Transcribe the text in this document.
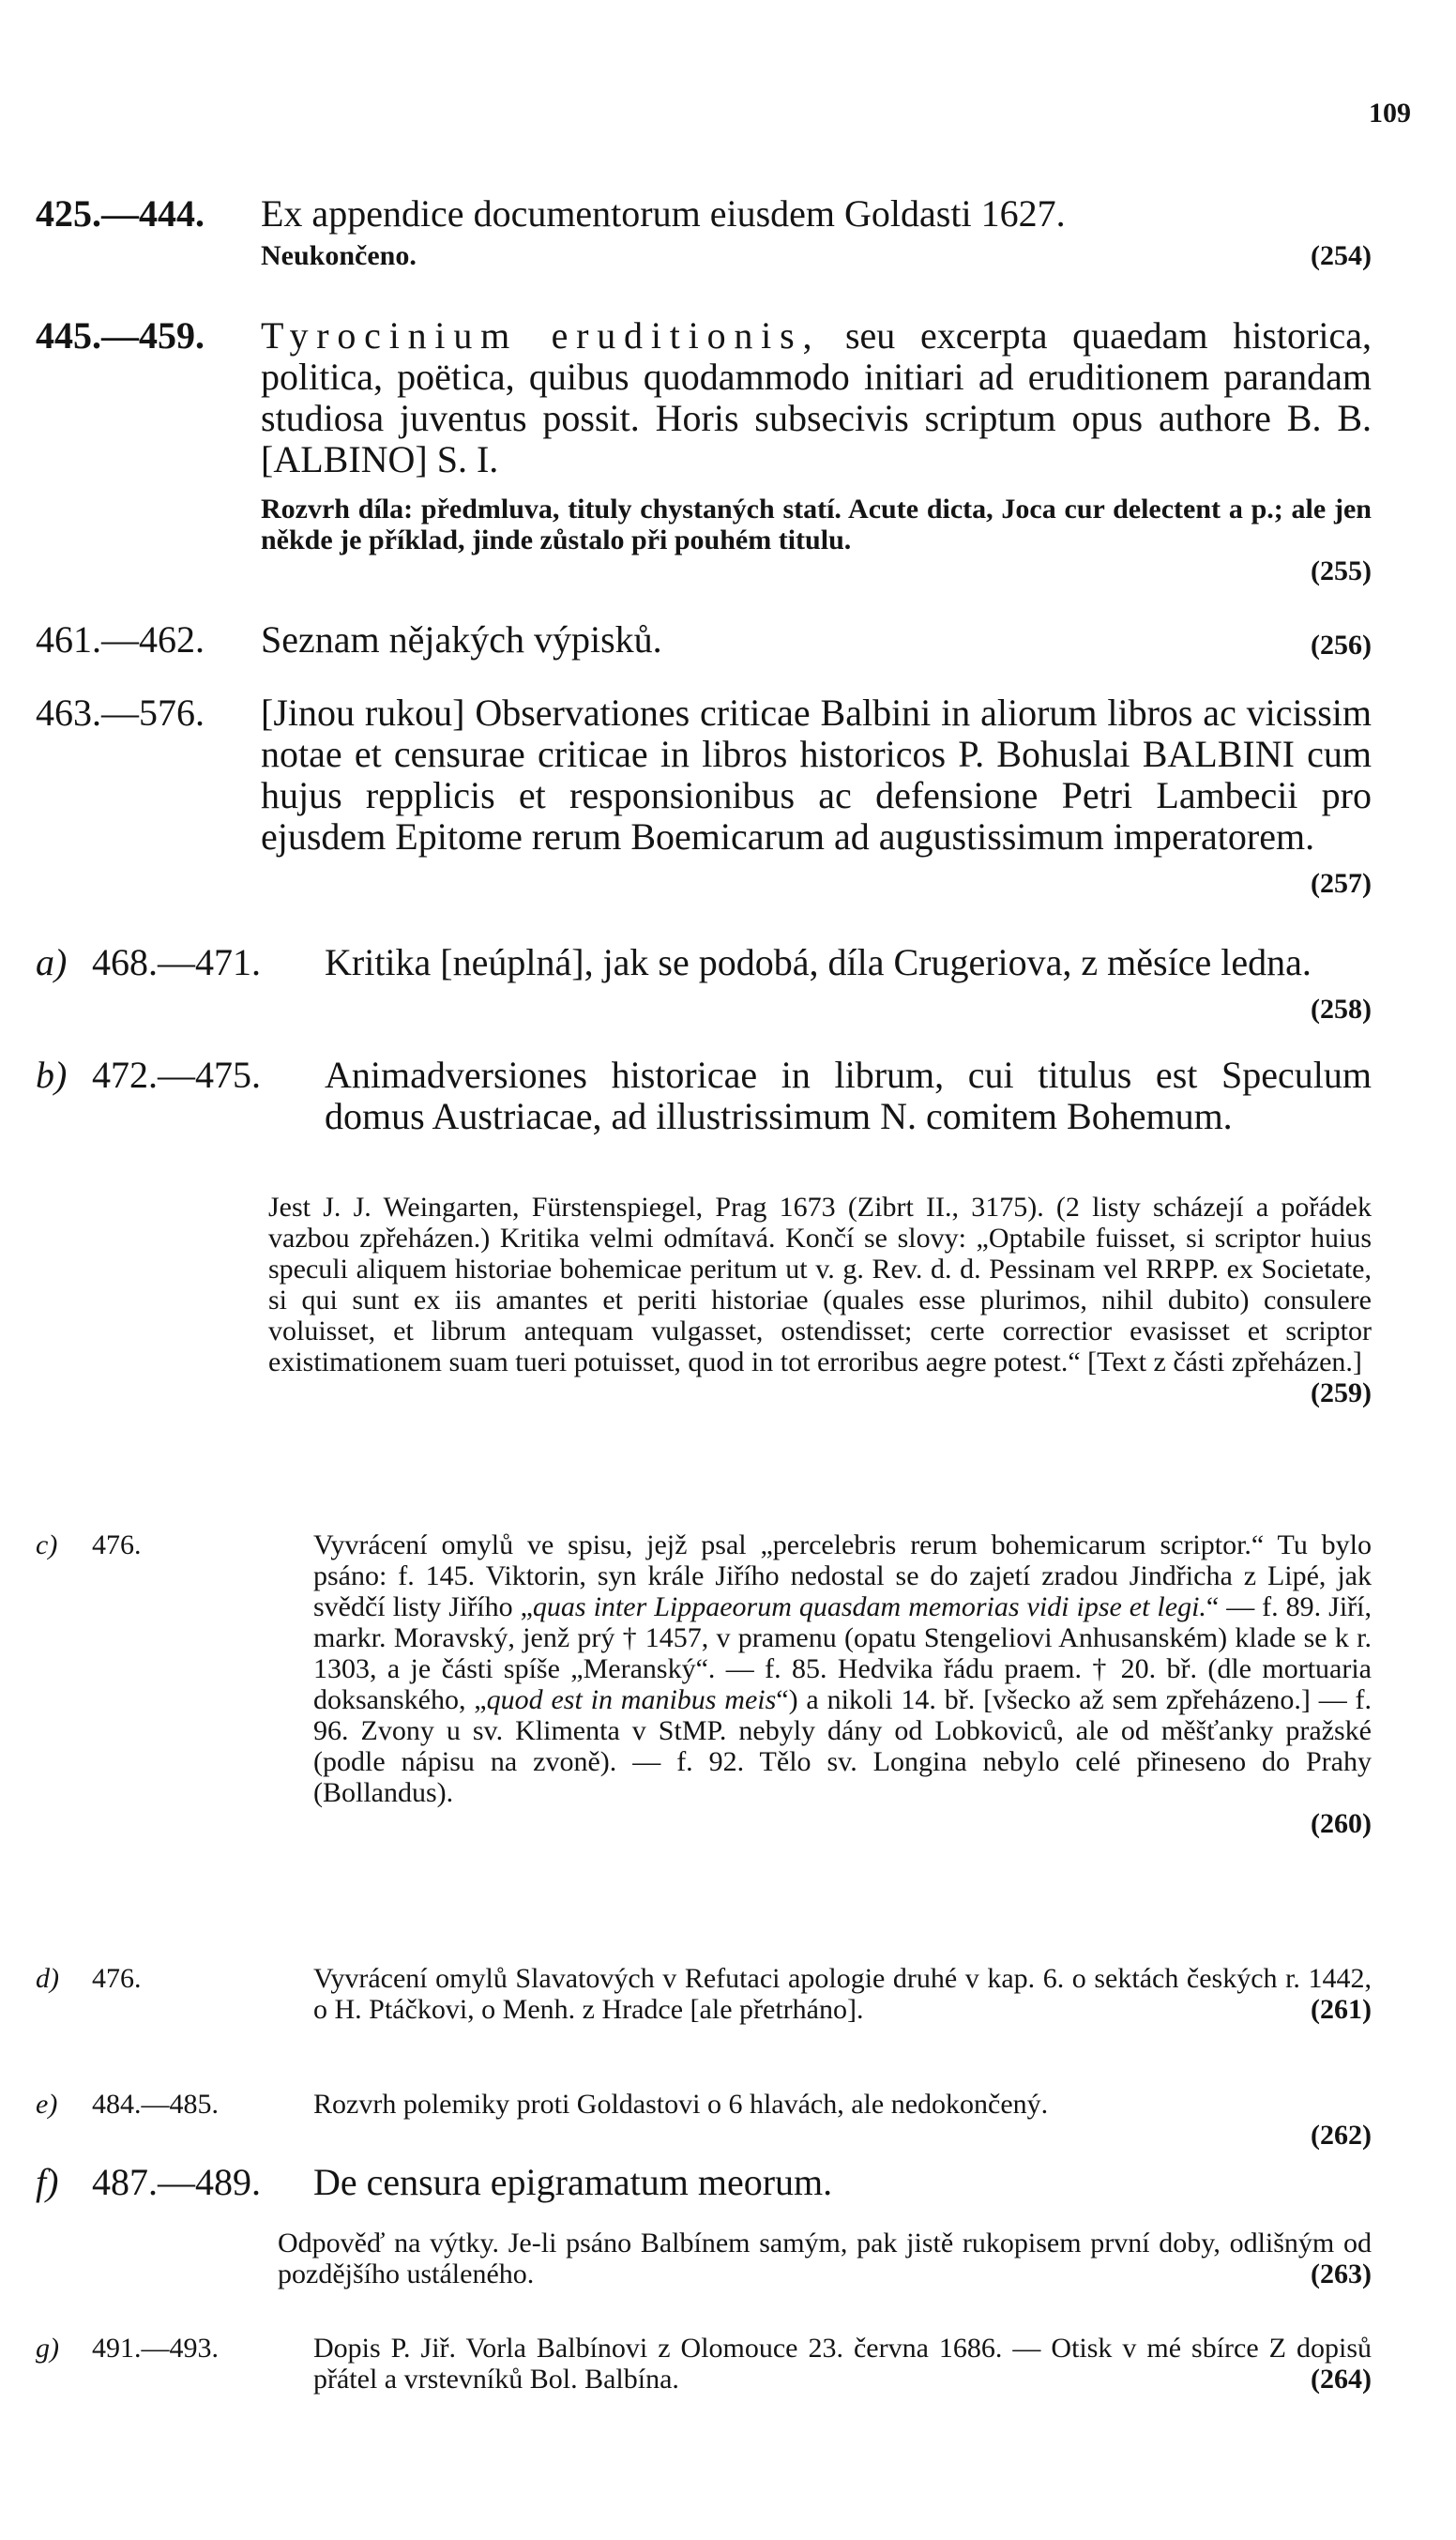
109
425.—444.	Ex appendice documentorum eiusdem Goldasti 1627.
Neukončeno.	(254)
445.—459.	Tyrocinium eruditionis, seu excerpta quaedam historica, politica, poëtica, quibus quodammodo initiari ad eruditionem parandam studiosa juventus possit. Horis subsecivis scriptum opus authore B. B. [ALBINO] S. I.
Rozvrh díla: předmluva, tituly chystaných statí. Acute dicta, Joca cur delectent a p.; ale jen někde je příklad, jinde zůstalo při pouhém titulu.
(255)
461.—462.	Seznam nějakých výpisků.	(256)
463.—576.	[Jinou rukou] Observationes criticae Balbini in aliorum libros ac vicissim notae et censurae criticae in libros historicos P. Bohuslai BALBINI cum hujus repplicis et responsionibus ac defensione Petri Lambecii pro ejusdem Epitome rerum Boemicarum ad augustissimum imperatorem.
(257)
a) 468.—471.	Kritika [neúplná], jak se podobá, díla Crugeriova, z měsíce ledna.
(258)
b) 472.—475.	Animadversiones historicae in librum, cui titulus est Speculum domus Austriacae, ad illustrissimum N. comitem Bohemum.
Jest J. J. Weingarten, Fürstenspiegel, Prag 1673 (Zibrt II., 3175). (2 listy scházejí a pořádek vazbou zpřeházen.) Kritika velmi odmítavá. Končí se slovy: „Optabile fuisset, si scriptor huius speculi aliquem historiae bohemicae peritum ut v. g. Rev. d. d. Pessinam vel RRPP. ex Societate, si qui sunt ex iis amantes et periti historiae (quales esse plurimos, nihil dubito) consulere voluisset, et librum antequam vulgasset, ostendisset; certe correctior evasisset et scriptor existimationem suam tueri potuisset, quod in tot erroribus aegre potest.“ [Text z části zpřeházen.]
(259)
c) 476.	Vyvrácení omylů ve spisu, jejž psal „percelebris rerum bohemicarum scriptor.“ Tu bylo psáno: f. 145. Viktorin, syn krále Jiřího nedostal se do zajetí zradou Jindřicha z Lipé, jak svědčí listy Jiřího „quas inter Lippaeorum quasdam memorias vidi ipse et legi.“ — f. 89. Jiří, markr. Moravský, jenž prý † 1457, v pramenu (opatu Stengeliovi Anhusanském) klade se k r. 1303, a je části spíše „Meranský“. — f. 85. Hedvika řádu praem. † 20. bř. (dle mortuaria doksanského, „quod est in manibus meis“) a nikoli 14. bř. [všecko až sem zpřeházeno.] — f. 96. Zvony u sv. Klimenta v StMP. nebyly dány od Lobkoviců, ale od měšťanky pražské (podle nápisu na zvoně). — f. 92. Tělo sv. Longina nebylo celé přineseno do Prahy (Bollandus).
(260)
d) 476.	Vyvrácení omylů Slavatových v Refutaci apologie druhé v kap. 6. o sektách českých r. 1442, o H. Ptáčkovi, o Menh. z Hradce [ale přetrháno].	(261)
e) 484.—485.	Rozvrh polemiky proti Goldastovi o 6 hlavách, ale nedokončený.
(262)
f) 487.—489.	De censura epigramatum meorum.
Odpověď na výtky. Je-li psáno Balbínem samým, pak jistě rukopisem první doby, odlišným od pozdějšího ustáleného.	(263)
g) 491.—493.	Dopis P. Jiř. Vorla Balbínovi z Olomouce 23. června 1686. — Otisk v mé sbírce Z dopisů přátel a vrstevníků Bol. Balbína.	(264)
